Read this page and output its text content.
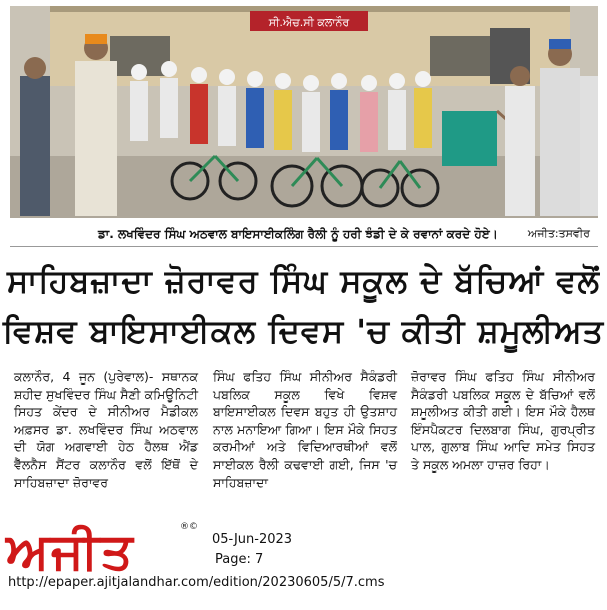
ਸੀ.ਐਚ.ਸੀ ਕਲਾਨੌਰ
ਡਾ. ਲਖਵਿੰਦਰ ਸਿੰਘ ਅਠਵਾਲ ਬਾਇਸਾਈਕਲਿੰਗ ਰੈਲੀ ਨੂੰ ਹਰੀ ਝੰਡੀ ਦੇ ਕੇ ਰਵਾਨਾਂ ਕਰਦੇ ਹੋਏ।	ਅਜੀਤ:ਤਸਵੀਰ
ਸਾਹਿਬਜ਼ਾਦਾ ਜ਼ੋਰਾਵਰ ਸਿੰਘ ਸਕੂਲ ਦੇ ਬੱਚਿਆਂ ਵਲੋਂ
ਵਿਸ਼ਵ ਬਾਇਸਾਈਕਲ ਦਿਵਸ 'ਚ ਕੀਤੀ ਸ਼ਮੂਲੀਅਤ

ਕਲਾਨੌਰ, 4 ਜੂਨ (ਪੁਰੇਵਾਲ)- ਸਥਾਨਕ ਸ਼ਹੀਦ ਸੁਖਵਿੰਦਰ ਸਿੰਘ ਸੈਣੀ ਕਮਿਊਨਿਟੀ ਸਿਹਤ ਕੇਂਦਰ ਦੇ ਸੀਨੀਅਰ ਮੈਡੀਕਲ ਅਫ਼ਸਰ ਡਾ. ਲਖਵਿੰਦਰ ਸਿੰਘ ਅਠਵਾਲ ਦੀ ਯੋਗ ਅਗਵਾਈ ਹੇਠ ਹੈਲਥ ਐਂਡ ਵੈੱਲਨੈਸ ਸੈਂਟਰ ਕਲਾਨੌਰ ਵਲੋਂ ਇੱਥੋਂ ਦੇ ਸਾਹਿਬਜ਼ਾਦਾ ਜ਼ੋਰਾਵਰ

ਸਿੰਘ ਫਤਿਹ ਸਿੰਘ ਸੀਨੀਅਰ ਸੈਕੰਡਰੀ ਪਬਲਿਕ ਸਕੂਲ ਵਿਖੇ ਵਿਸ਼ਵ ਬਾਇਸਾਈਕਲ ਦਿਵਸ ਬਹੁਤ ਹੀ ਉਤਸ਼ਾਹ ਨਾਲ ਮਨਾਇਆ ਗਿਆ। ਇਸ ਮੌਕੇ ਸਿਹਤ ਕਰਮੀਆਂ ਅਤੇ ਵਿਦਿਆਰਥੀਆਂ ਵਲੋਂ ਸਾਈਕਲ ਰੈਲੀ ਕਢਵਾਈ ਗਈ, ਜਿਸ 'ਚ ਸਾਹਿਬਜ਼ਾਦਾ

ਜ਼ੋਰਾਵਰ ਸਿੰਘ ਫਤਿਹ ਸਿੰਘ ਸੀਨੀਅਰ ਸੈਕੰਡਰੀ ਪਬਲਿਕ ਸਕੂਲ ਦੇ ਬੱਚਿਆਂ ਵਲੋਂ ਸ਼ਮੂਲੀਅਤ ਕੀਤੀ ਗਈ। ਇਸ ਮੌਕੇ ਹੈਲਥ ਇੰਸਪੈਕਟਰ ਦਿਲਬਾਗ ਸਿੰਘ, ਗੁਰਪ੍ਰੀਤ ਪਾਲ, ਗੁਲਾਬ ਸਿੰਘ ਆਦਿ ਸਮੇਤ ਸਿਹਤ ਤੇ ਸਕੂਲ ਅਮਲਾ ਹਾਜ਼ਰ ਰਿਹਾ।

ਅਜੀਤ	®©
05-Jun-2023
Page: 7
http://epaper.ajitjalandhar.com/edition/20230605/5/7.cms
